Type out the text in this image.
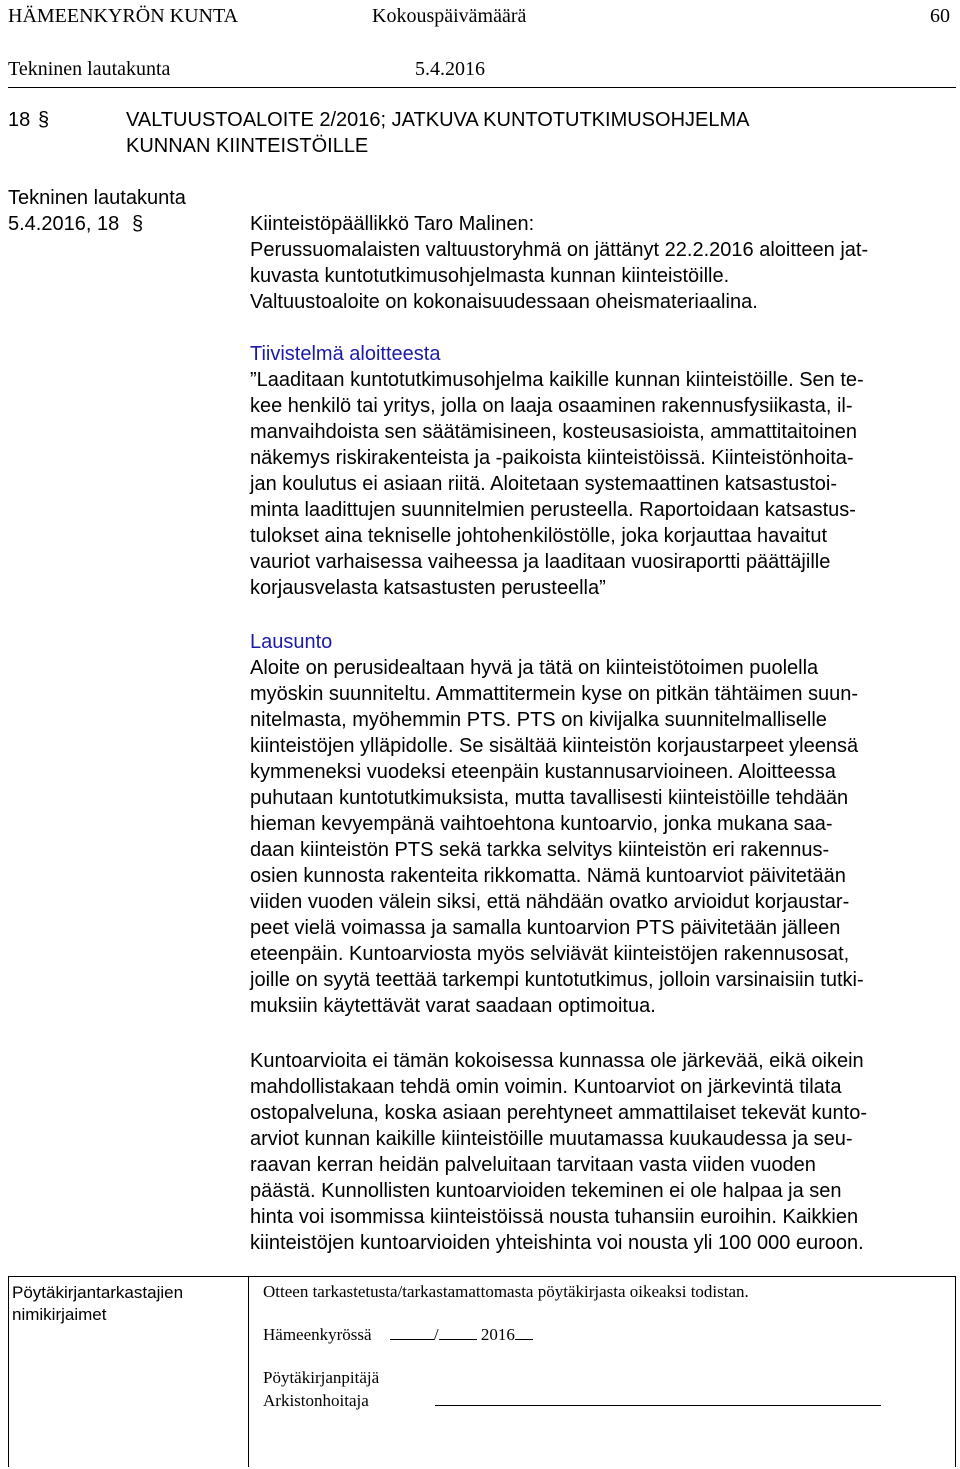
HÄMEENKYRÖN KUNTA	Kokouspäivämäärä	60
Tekninen lautakunta	5.4.2016
18 §	VALTUUSTOALOITE 2/2016; JATKUVA KUNTOTUTKIMUSOHJELMA
KUNNAN KIINTEISTÖILLE
Tekninen lautakunta
5.4.2016, 18 §	Kiinteistöpäällikkö Taro Malinen:
Perussuomalaisten valtuustoryhmä on jättänyt 22.2.2016 aloitteen jat-
kuvasta kuntotutkimusohjelmasta kunnan kiinteistöille.
Valtuustoaloite on kokonaisuudessaan oheismateriaalina.
Tiivistelmä aloitteesta
”Laaditaan kuntotutkimusohjelma kaikille kunnan kiinteistöille. Sen te-
kee henkilö tai yritys, jolla on laaja osaaminen rakennusfysiikasta, il-
manvaihdoista sen säätämisineen, kosteusasioista, ammattitaitoinen
näkemys riskirakenteista ja -paikoista kiinteistöissä. Kiinteistönhoita-
jan koulutus ei asiaan riitä. Aloitetaan systemaattinen katsastustoi-
minta laadittujen suunnitelmien perusteella. Raportoidaan katsastus-
tulokset aina tekniselle johtohenkilöstölle, joka korjauttaa havaitut
vauriot varhaisessa vaiheessa ja laaditaan vuosiraportti päättäjille
korjausvelasta katsastusten perusteella”
Lausunto
Aloite on perusidealtaan hyvä ja tätä on kiinteistötoimen puolella
myöskin suunniteltu. Ammattitermein kyse on pitkän tähtäimen suun-
nitelmasta, myöhemmin PTS. PTS on kivijalka suunnitelmalliselle
kiinteistöjen ylläpidolle. Se sisältää kiinteistön korjaustarpeet yleensä
kymmeneksi vuodeksi eteenpäin kustannusarvioineen. Aloitteessa
puhutaan kuntotutkimuksista, mutta tavallisesti kiinteistöille tehdään
hieman kevyempänä vaihtoehtona kuntoarvio, jonka mukana saa-
daan kiinteistön PTS sekä tarkka selvitys kiinteistön eri rakennus-
osien kunnosta rakenteita rikkomatta. Nämä kuntoarviot päivitetään
viiden vuoden välein siksi, että nähdään ovatko arvioidut korjaustar-
peet vielä voimassa ja samalla kuntoarvion PTS päivitetään jälleen
eteenpäin. Kuntoarviosta myös selviävät kiinteistöjen rakennusosat,
joille on syytä teettää tarkempi kuntotutkimus, jolloin varsinaisiin tutki-
muksiin käytettävät varat saadaan optimoitua.
Kuntoarvioita ei tämän kokoisessa kunnassa ole järkevää, eikä oikein
mahdollistakaan tehdä omin voimin. Kuntoarviot on järkevintä tilata
ostopalveluna, koska asiaan perehtyneet ammattilaiset tekevät kunto-
arviot kunnan kaikille kiinteistöille muutamassa kuukaudessa ja seu-
raavan kerran heidän palveluitaan tarvitaan vasta viiden vuoden
päästä. Kunnollisten kuntoarvioiden tekeminen ei ole halpaa ja sen
hinta voi isommissa kiinteistöissä nousta tuhansiin euroihin. Kaikkien
kiinteistöjen kuntoarvioiden yhteishinta voi nousta yli 100 000 euroon.
Pöytäkirjantarkastajien
nimikirjaimet
Otteen tarkastetusta/tarkastamattomasta pöytäkirjasta oikeaksi todistan.
Hämeenkyrössä	/ 2016
Pöytäkirjanpitäjä
Arkistonhoitaja
